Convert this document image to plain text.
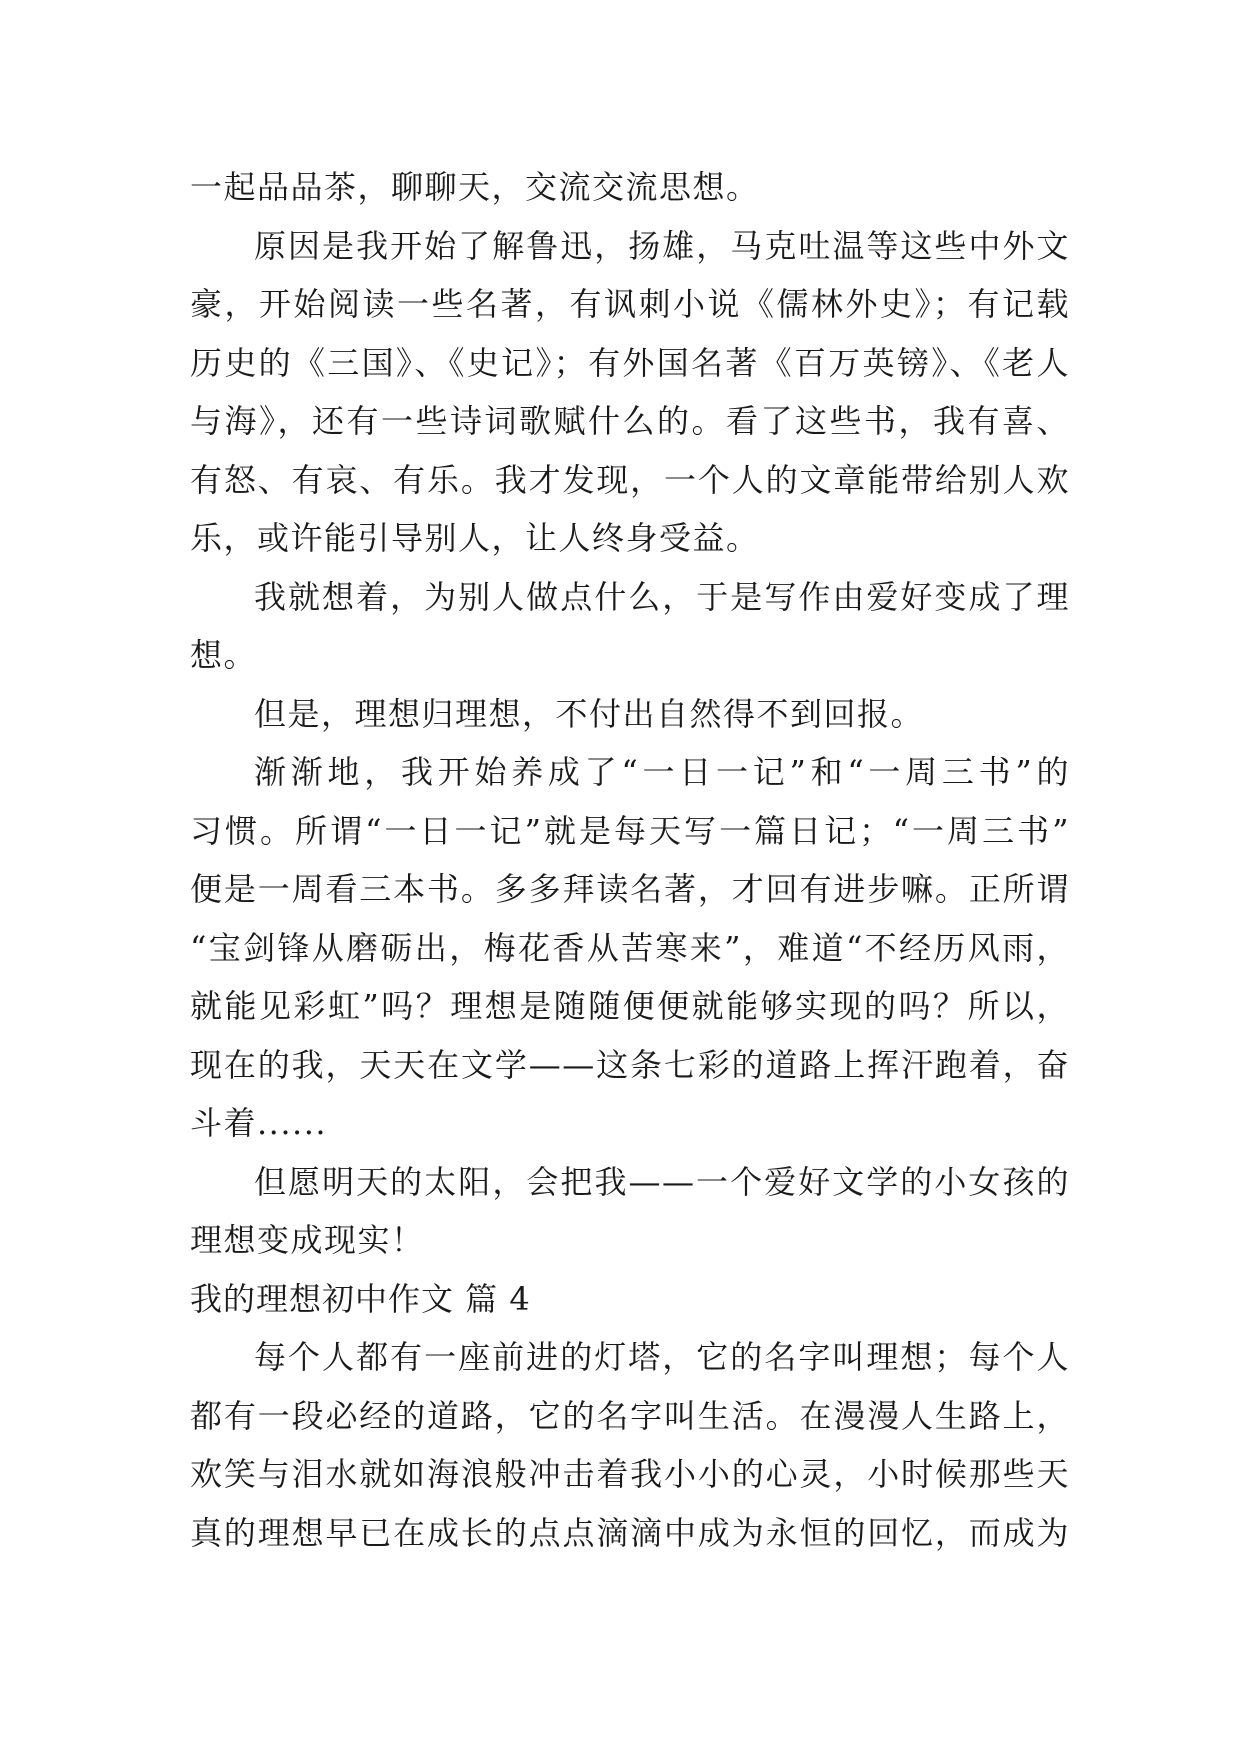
一起品品茶，聊聊天，交流交流思想。
原因是我开始了解鲁迅，扬雄，马克吐温等这些中外文
豪，开始阅读一些名著，有讽刺小说《儒林外史》；有记载
历史的《三国》、《史记》；有外国名著《百万英镑》、《老人
与海》，还有一些诗词歌赋什么的。看了这些书，我有喜、
有怒、有哀、有乐。我才发现，一个人的文章能带给别人欢
乐，或许能引导别人，让人终身受益。
我就想着，为别人做点什么，于是写作由爱好变成了理
想。
但是，理想归理想，不付出自然得不到回报。
渐渐地，我开始养成了“一日一记”和“一周三书”的
习惯。所谓“一日一记”就是每天写一篇日记；“一周三书”
便是一周看三本书。多多拜读名著，才回有进步嘛。正所谓
“宝剑锋从磨砺出，梅花香从苦寒来”，难道“不经历风雨，
就能见彩虹”吗？理想是随随便便就能够实现的吗？所以，
现在的我，天天在文学——这条七彩的道路上挥汗跑着，奋
斗着......
但愿明天的太阳，会把我——一个爱好文学的小女孩的
理想变成现实！
我的理想初中作文 篇 4
每个人都有一座前进的灯塔，它的名字叫理想；每个人
都有一段必经的道路，它的名字叫生活。在漫漫人生路上，
欢笑与泪水就如海浪般冲击着我小小的心灵，小时候那些天
真的理想早已在成长的点点滴滴中成为永恒的回忆，而成为
